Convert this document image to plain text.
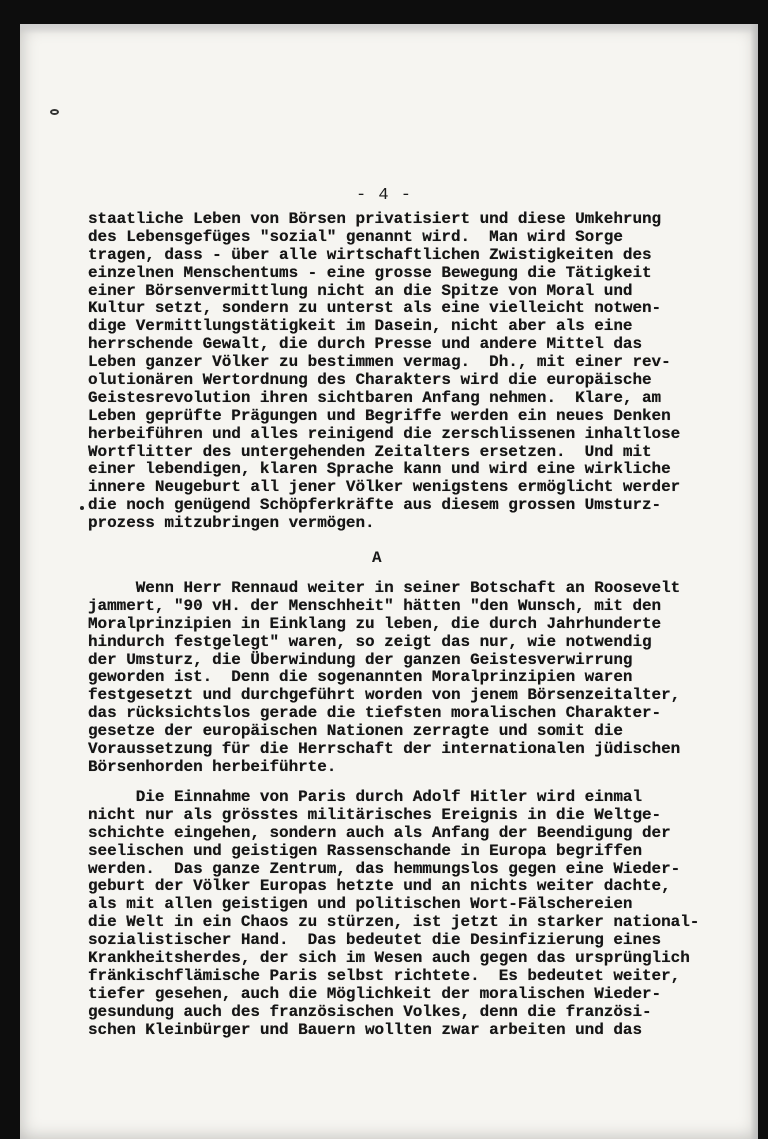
- 4 -
staatliche Leben von Börsen privatisiert und diese Umkehrung
des Lebensgefüges "sozial" genannt wird.  Man wird Sorge
tragen, dass - über alle wirtschaftlichen Zwistigkeiten des
einzelnen Menschentums - eine grosse Bewegung die Tätigkeit
einer Börsenvermittlung nicht an die Spitze von Moral und
Kultur setzt, sondern zu unterst als eine vielleicht notwen-
dige Vermittlungstätigkeit im Dasein, nicht aber als eine
herrschende Gewalt, die durch Presse und andere Mittel das
Leben ganzer Völker zu bestimmen vermag.  Dh., mit einer rev-
olutionären Wertordnung des Charakters wird die europäische
Geistesrevolution ihren sichtbaren Anfang nehmen.  Klare, am
Leben geprüfte Prägungen und Begriffe werden ein neues Denken
herbeiführen und alles reinigend die zerschlissenen inhaltlose
Wortflitter des untergehenden Zeitalters ersetzen.  Und mit
einer lebendigen, klaren Sprache kann und wird eine wirkliche
innere Neugeburt all jener Völker wenigstens ermöglicht werder
die noch genügend Schöpferkräfte aus diesem grossen Umsturz-
prozess mitzubringen vermögen.
A
Wenn Herr Rennaud weiter in seiner Botschaft an Roosevelt
jammert, "90 vH. der Menschheit" hätten "den Wunsch, mit den
Moralprinzipien in Einklang zu leben, die durch Jahrhunderte
hindurch festgelegt" waren, so zeigt das nur, wie notwendig
der Umsturz, die Überwindung der ganzen Geistesverwirrung
geworden ist.  Denn die sogenannten Moralprinzipien waren
festgesetzt und durchgeführt worden von jenem Börsenzeitalter,
das rücksichtslos gerade die tiefsten moralischen Charakter-
gesetze der europäischen Nationen zerragte und somit die
Voraussetzung für die Herrschaft der internationalen jüdischen
Börsenhorden herbeiführte.
Die Einnahme von Paris durch Adolf Hitler wird einmal
nicht nur als grösstes militärisches Ereignis in die Weltge-
schichte eingehen, sondern auch als Anfang der Beendigung der
seelischen und geistigen Rassenschande in Europa begriffen
werden.  Das ganze Zentrum, das hemmungslos gegen eine Wieder-
geburt der Völker Europas hetzte und an nichts weiter dachte,
als mit allen geistigen und politischen Wort-Fälschereien
die Welt in ein Chaos zu stürzen, ist jetzt in starker national-
sozialistischer Hand.  Das bedeutet die Desinfizierung eines
Krankheitsherdes, der sich im Wesen auch gegen das ursprünglich
fränkischflämische Paris selbst richtete.  Es bedeutet weiter,
tiefer gesehen, auch die Möglichkeit der moralischen Wieder-
gesundung auch des französischen Volkes, denn die französi-
schen Kleinbürger und Bauern wollten zwar arbeiten und das
